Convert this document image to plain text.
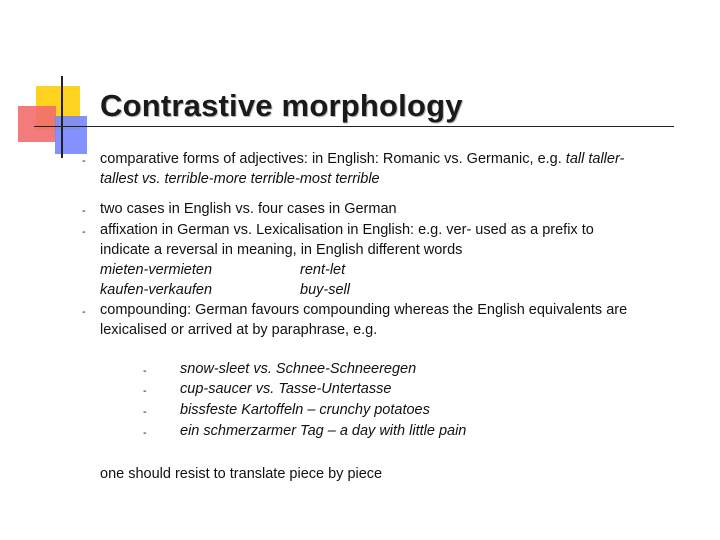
Contrastive morphology
- comparative forms of adjectives: in English: Romanic vs. Germanic, e.g. tall taller-
tallest vs. terrible-more terrible-most terrible
- two cases in English vs. four cases in German
- affixation in German vs. Lexicalisation in English: e.g. ver- used as a prefix to
indicate a reversal in meaning, in English different words
mieten-vermieten	rent-let
kaufen-verkaufen	buy-sell
- compounding: German favours compounding whereas the English equivalents are
lexicalised or arrived at by paraphrase, e.g.
- snow-sleet vs. Schnee-Schneeregen
- cup-saucer vs. Tasse-Untertasse
- bissfeste Kartoffeln – crunchy potatoes
- ein schmerzarmer Tag – a day with little pain
one should resist to translate piece by piece
